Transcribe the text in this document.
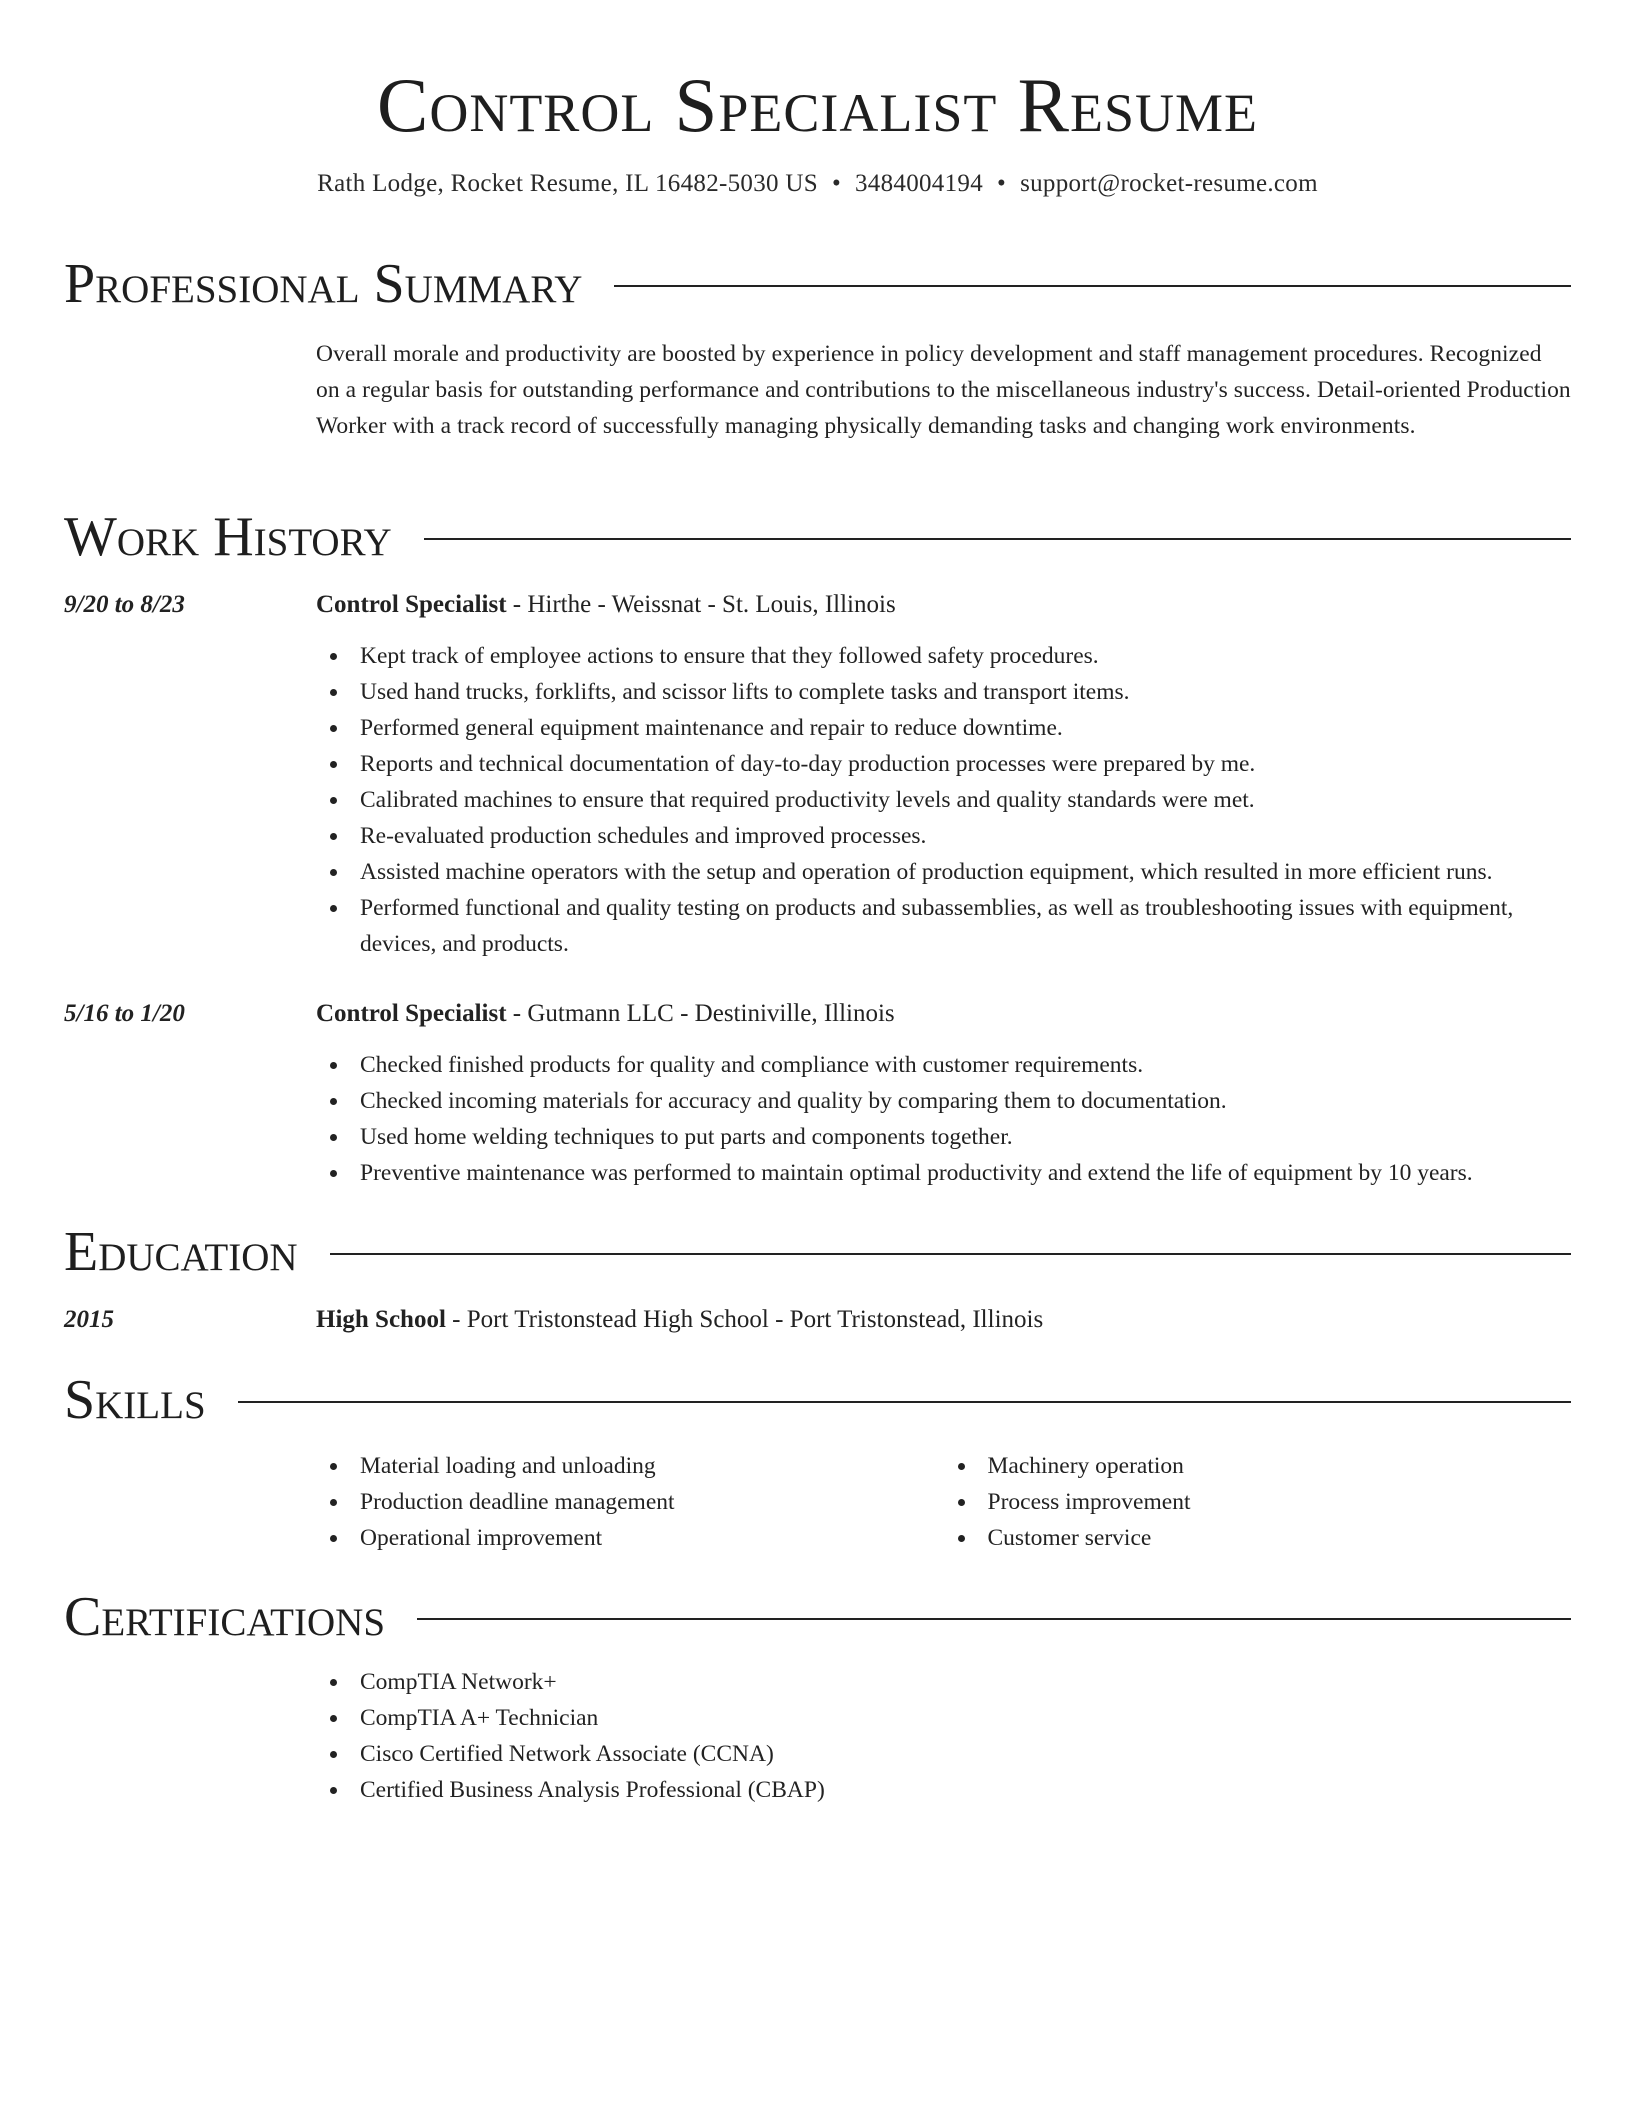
Control Specialist Resume
Rath Lodge, Rocket Resume, IL 16482-5030 US • 3484004194 • support@rocket-resume.com
Professional Summary
Overall morale and productivity are boosted by experience in policy development and staff management procedures. Recognized on a regular basis for outstanding performance and contributions to the miscellaneous industry's success. Detail-oriented Production Worker with a track record of successfully managing physically demanding tasks and changing work environments.
Work History
9/20 to 8/23	Control Specialist - Hirthe - Weissnat - St. Louis, Illinois
Kept track of employee actions to ensure that they followed safety procedures.
Used hand trucks, forklifts, and scissor lifts to complete tasks and transport items.
Performed general equipment maintenance and repair to reduce downtime.
Reports and technical documentation of day-to-day production processes were prepared by me.
Calibrated machines to ensure that required productivity levels and quality standards were met.
Re-evaluated production schedules and improved processes.
Assisted machine operators with the setup and operation of production equipment, which resulted in more efficient runs.
Performed functional and quality testing on products and subassemblies, as well as troubleshooting issues with equipment, devices, and products.
5/16 to 1/20	Control Specialist - Gutmann LLC - Destiniville, Illinois
Checked finished products for quality and compliance with customer requirements.
Checked incoming materials for accuracy and quality by comparing them to documentation.
Used home welding techniques to put parts and components together.
Preventive maintenance was performed to maintain optimal productivity and extend the life of equipment by 10 years.
Education
2015	High School - Port Tristonstead High School - Port Tristonstead, Illinois
Skills
Material loading and unloading
Production deadline management
Operational improvement
Machinery operation
Process improvement
Customer service
Certifications
CompTIA Network+
CompTIA A+ Technician
Cisco Certified Network Associate (CCNA)
Certified Business Analysis Professional (CBAP)
